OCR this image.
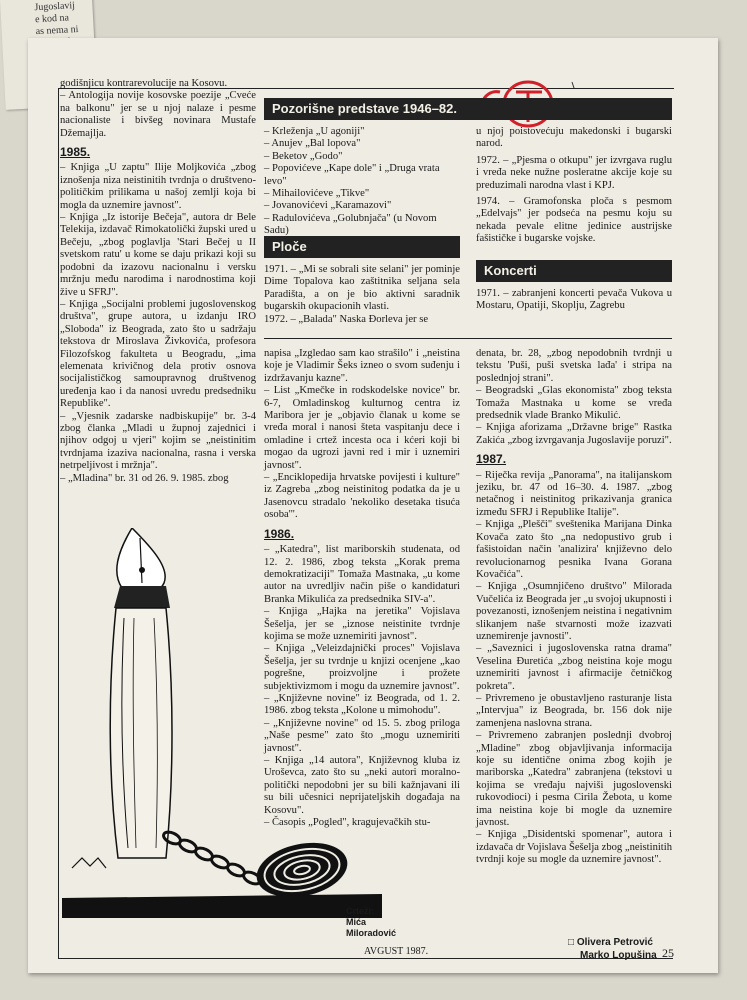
Jugoslavij
e kod na
as nema ni

godišnjicu kontrarevolucije na Kosovu.

– Antologija novije kosovske poezije „Cveće na balkonu" jer se u njoj nalaze i pesme nacionaliste i bivšeg novinara Mustafe Džemajlja.

1985.

– Knjiga „U zaptu" Ilije Moljkovića „zbog iznošenja niza neistinitih tvrdnja o društveno-političkim prilikama u našoj zemlji koja bi mogla da uznemire javnost".

– Knjiga „Iz istorije Bečeja", autora dr Bele Telekija, izdavač Rimokatolički župski ured u Bečeju, „zbog poglavlja 'Stari Bečej u II svetskom ratu' u kome se daju prikazi koji su podobni da izazovu nacionalnu i versku mržnju među narodima i narodnostima koji žive u SFRJ".

– Knjiga „Socijalni problemi jugoslovenskog društva", grupe autora, u izdanju IRO „Sloboda" iz Beograda, zato što u sadržaju tekstova dr Miroslava Živkovića, profesora Filozofskog fakulteta u Beogradu, „ima elemenata krivičnog dela protiv osnova socijalističkog samoupravnog društvenog uređenja kao i da nanosi uvredu predsedniku Republike".

– „Vjesnik zadarske nadbiskupije" br. 3-4 zbog članka „Mladi u župnoj zajednici i njihov odgoj u vjeri" kojim se „neistinitim tvrdnjama izaziva nacionalna, rasna i verska netrpeljivost i mržnja".

– „Mladina" br. 31 od 26. 9. 1985. zbog

Pozorišne predstave 1946–82.

– Krleženja „U agoniji"

– Anujev „Bal lopova"

– Beketov „Godo"

– Popovićeve „Kape dole" i „Druga vrata levo"

– Mihailovićeve „Tikve"

– Jovanovićevi „Karamazovi"

– Radulovićeva „Golubnjača" (u Novom Sadu)

Ploče

1971. – „Mi se sobrali site selani" jer pominje Dime Topalova kao zaštitnika seljana sela Paradišta, a on je bio aktivni saradnik bugarskih okupacionih vlasti.

1972. – „Balada" Naska Đorleva jer se

u njoj poistovećuju makedonski i bugarski narod.

1972. – „Pjesma o otkupu" jer izvrgava ruglu i vređa neke nužne posleratne akcije koje su preduzimali narodna vlast i KPJ.

1974. – Gramofonska ploča s pesmom „Edelvajs" jer podseća na pesmu koju su nekada pevale elitne jedinice austrijske fašističke i bugarske vojske.

Koncerti

1971. – zabranjeni koncerti pevača Vukova u Mostaru, Opatiji, Skoplju, Zagrebu

napisa „Izgledao sam kao strašilo" i „neistina koje je Vladimir Šeks izneo o svom suđenju i izdržavanju kazne".

– List „Kmečke in rodskodelske novice" br. 6-7, Omladinskog kulturnog centra iz Maribora jer je „objavio članak u kome se vređa moral i nanosi šteta vaspitanju dece i omladine i crtež incesta oca i kćeri koji bi mogao da ugrozi javni red i mir i uznemiri javnost".

– „Enciklopedija hrvatske povijesti i kulture" iz Zagreba „zbog neistinitog podatka da je u Jasenovcu stradalo 'nekoliko desetaka tisuća osoba'".

1986.

– „Katedra", list mariborskih studenata, od 12. 2. 1986, zbog teksta „Korak prema demokratizaciji" Tomaža Mastnaka, „u kome autor na uvredljiv način piše o kandidaturi Branka Mikulića za predsednika SIV-a".

– Knjiga „Hajka na jeretika" Vojislava Šešelja, jer se „iznose neistinite tvrdnje kojima se može uznemiriti javnost".

– Knjiga „Veleizdajnički proces" Vojislava Šešelja, jer su tvrdnje u knjizi ocenjene „kao pogrešne, proizvoljne i prožete subjektivizmom i mogu da uznemire javnost".

– „Književne novine" iz Beograda, od 1. 2. 1986. zbog teksta „Kolone u mimohodu".

– „Književne novine" od 15. 5. zbog priloga „Naše pesme" zato što „mogu uznemiriti javnost".

– Knjiga „14 autora", Književnog kluba iz Uroševca, zato što su „neki autori moralno-politički nepodobni jer su bili kažnjavani ili su bili učesnici neprijateljskih događaja na Kosovu".

– Časopis „Pogled", kragujevačkih stu-

denata, br. 28, „zbog nepodobnih tvrdnji u tekstu 'Puši, puši svetska lađa' i stripa na poslednjoj strani".

– Beogradski „Glas ekonomista" zbog teksta Tomaža Mastnaka u kome se vređa predsednik vlade Branko Mikulić.

– Knjiga aforizama „Državne brige" Rastka Zakića „zbog izvrgavanja Jugoslavije poruzi".

1987.

– Riječka revija „Panorama", na italijanskom jeziku, br. 47 od 16–30. 4. 1987. „zbog netačnog i neistinitog prikazivanja granica između SFRJ i Republike Italije".

– Knjiga „Plešči" sveštenika Marijana Dinka Kovača zato što „na nedopustivo grub i fašistoidan način 'analizira' književno delo revolucionarnog pesnika Ivana Gorana Kovačića".

– Knjiga „Osumnjičeno društvo" Milorada Vučelića iz Beograda jer „u svojoj ukupnosti i povezanosti, iznošenjem neistina i negativnim slikanjem naše stvarnosti može izazvati uznemirenje javnosti".

– „Saveznici i jugoslovenska ratna drama" Veselina Đuretića „zbog neistina koje mogu uznemiriti javnost i afirmacije četničkog pokreta".

– Privremeno je obustavljeno rasturanje lista „Intervjua" iz Beograda, br. 156 dok nije zamenjena naslovna strana.

– Privremeno zabranjen poslednji dvobroj „Mladine" zbog objavljivanja informacija koje su identične onima zbog kojih je mariborska „Katedra" zabranjena (tekstovi u kojima se vređaju najviši jugoslovenski rukovodioci) i pesma Cirila Žebota, u kome ima neistina koje bi mogle da uznemire javnost.

– Knjiga „Disidentski spomenar", autora i izdavača dr Vojislava Šešelja zbog „neistinitih tvrdnji koje su mogle da uznemire javnost".

Crteži:
Mića
Miloradović
□ Olivera Petrović
Marko Lopušina
AVGUST 1987.	25
